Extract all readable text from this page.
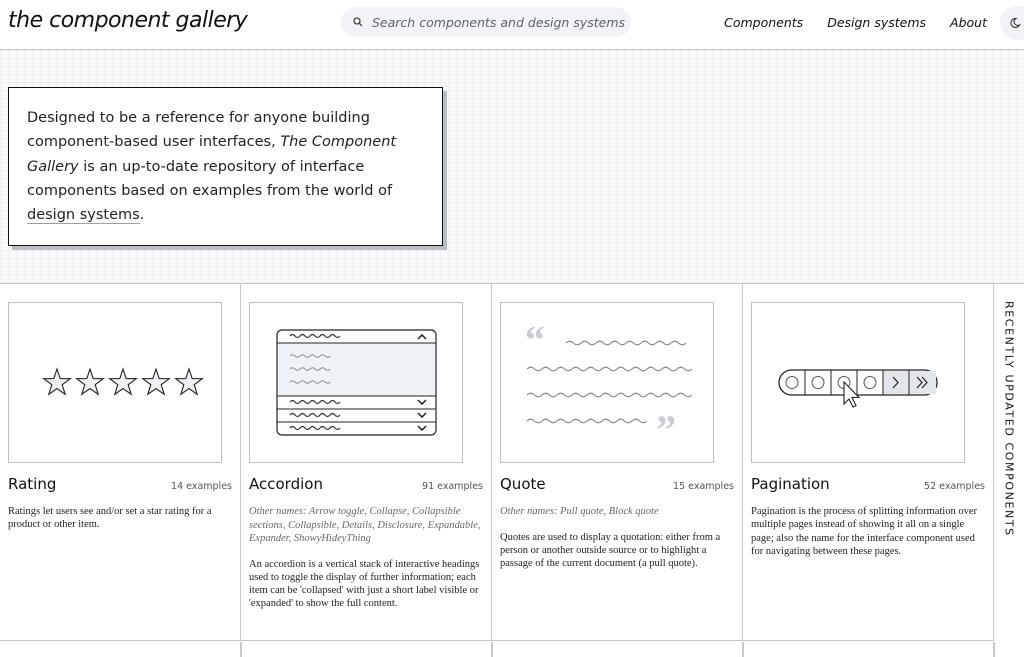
the component gallery	Search components and design systems	Components Design systems About
Designed to be a reference for anyone building component-based user interfaces, The Component Gallery is an up-to-date repository of interface components based on examples from the world of design systems.
Rating	14 examples

Ratings let users see and/or set a star rating for a product or other item.

Accordion	91 examples

Other names: Arrow toggle, Collapse, Collapsible sections, Collapsible, Details, Disclosure, Expandable, Expander, ShowyHideyThing

An accordion is a vertical stack of interactive headings used to toggle the display of further information; each item can be 'collapsed' with just a short label visible or 'expanded' to show the full content.

“
”
Quote	15 examples

Other names: Pull quote, Block quote

Quotes are used to display a quotation: either from a person or another outside source or to highlight a passage of the current document (a pull quote).

Pagination	52 examples

Pagination is the process of splitting information over multiple pages instead of showing it all on a single page; also the name for the interface component used for navigating between these pages.

RECENTLY UPDATED COMPONENTS
